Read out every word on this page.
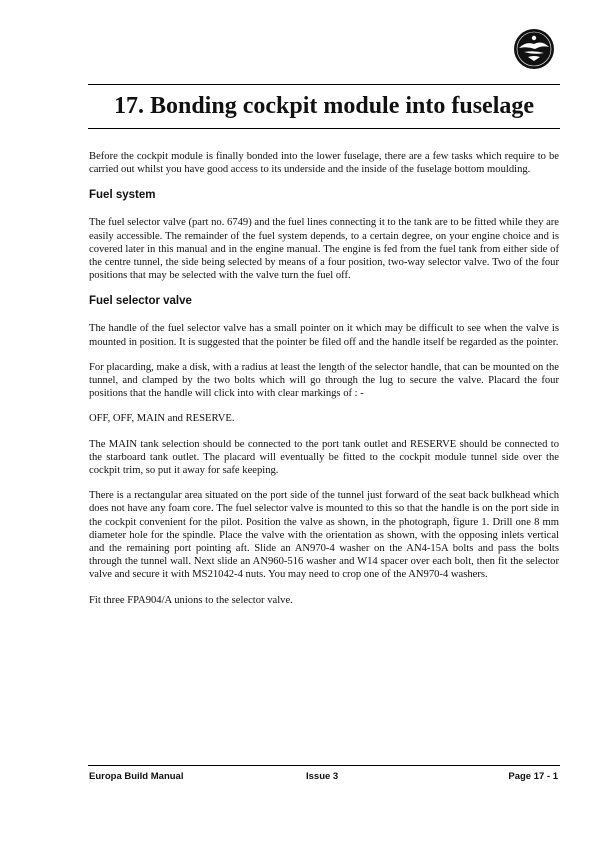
17. Bonding cockpit module into fuselage

Before the cockpit module is finally bonded into the lower fuselage, there are a few tasks which require to be carried out whilst you have good access to its underside and the inside of the fuselage bottom moulding.

Fuel system

The fuel selector valve (part no. 6749) and the fuel lines connecting it to the tank are to be fitted while they are easily accessible. The remainder of the fuel system depends, to a certain degree, on your engine choice and is covered later in this manual and in the engine manual. The engine is fed from the fuel tank from either side of the centre tunnel, the side being selected by means of a four position, two-way selector valve. Two of the four positions that may be selected with the valve turn the fuel off.

Fuel selector valve

The handle of the fuel selector valve has a small pointer on it which may be difficult to see when the valve is mounted in position. It is suggested that the pointer be filed off and the handle itself be regarded as the pointer.

For placarding, make a disk, with a radius at least the length of the selector handle, that can be mounted on the tunnel, and clamped by the two bolts which will go through the lug to secure the valve. Placard the four positions that the handle will click into with clear markings of : -

OFF, OFF, MAIN and RESERVE.

The MAIN tank selection should be connected to the port tank outlet and RESERVE should be connected to the starboard tank outlet. The placard will eventually be fitted to the cockpit module tunnel side over the cockpit trim, so put it away for safe keeping.

There is a rectangular area situated on the port side of the tunnel just forward of the seat back bulkhead which does not have any foam core. The fuel selector valve is mounted to this so that the handle is on the port side in the cockpit convenient for the pilot. Position the valve as shown, in the photograph, figure 1. Drill one 8 mm diameter hole for the spindle. Place the valve with the orientation as shown, with the opposing inlets vertical and the remaining port pointing aft. Slide an AN970-4 washer on the AN4-15A bolts and pass the bolts through the tunnel wall. Next slide an AN960-516 washer and W14 spacer over each bolt, then fit the selector valve and secure it with MS21042-4 nuts. You may need to crop one of the AN970-4 washers.

Fit three FPA904/A unions to the selector valve.

Europa Build Manual	Issue 3	Page 17 - 1
